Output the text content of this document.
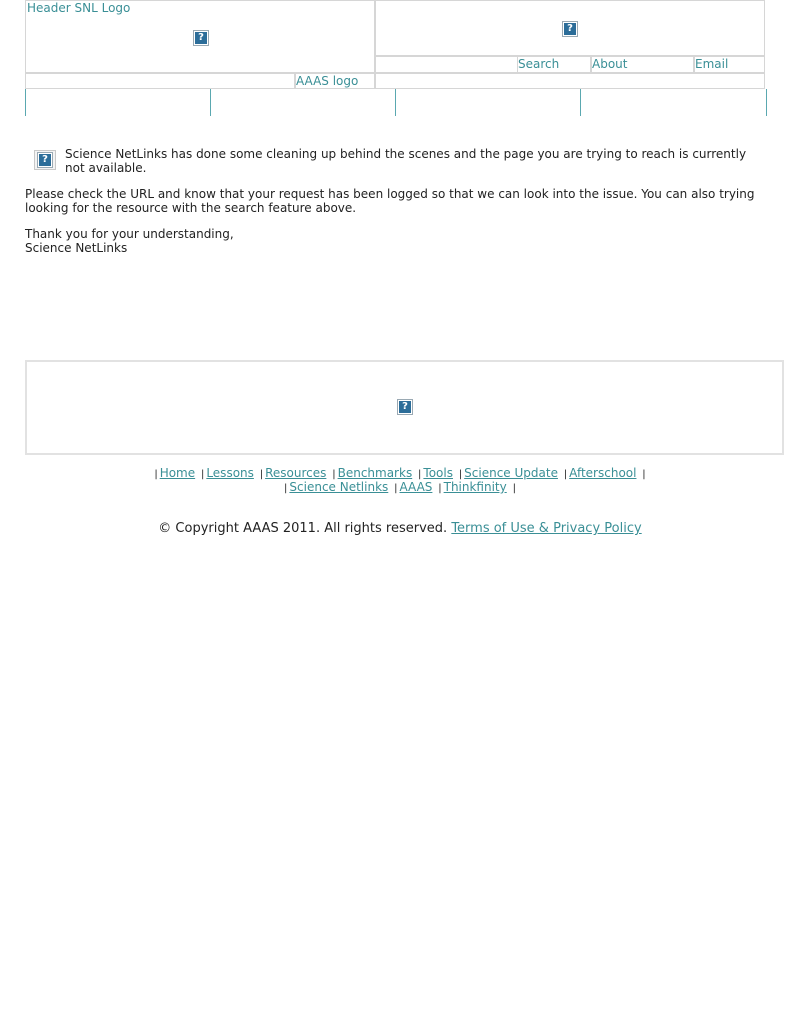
Header SNL Logo
?
?
Search	About	Email
AAAS logo
? Science NetLinks has done some cleaning up behind the scenes and the page you are trying to reach is currently not available.
Please check the URL and know that your request has been logged so that we can look into the issue. You can also trying looking for the resource with the search feature above.
Thank you for your understanding,
Science NetLinks
?
| Home | Lessons | Resources | Benchmarks | Tools | Science Update | Afterschool |
| Science Netlinks | AAAS | Thinkfinity |
© Copyright AAAS 2011. All rights reserved. Terms of Use & Privacy Policy
